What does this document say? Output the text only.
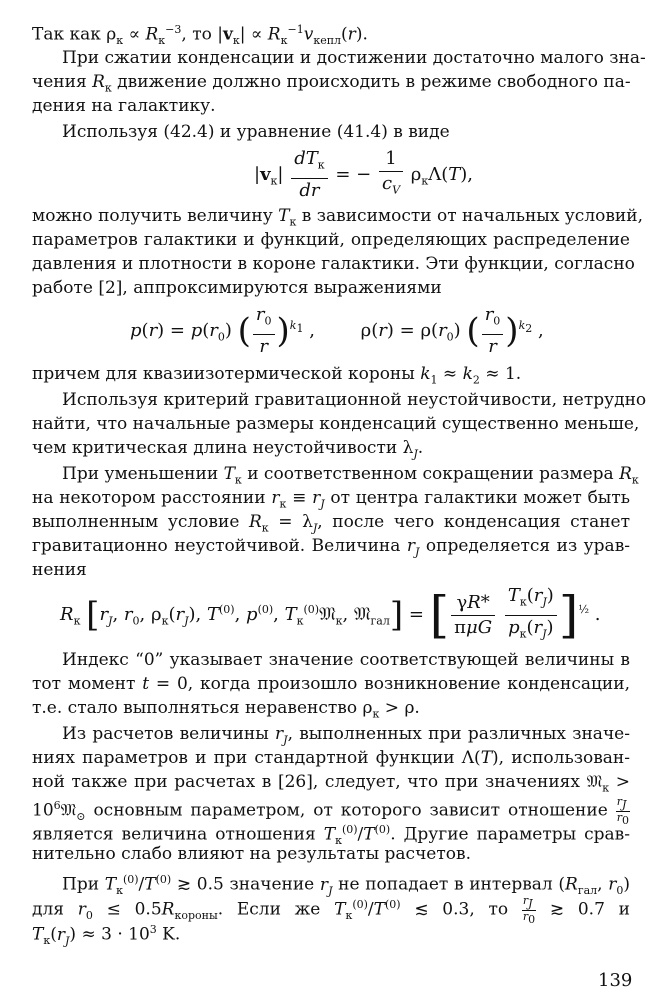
Так как $\rho_к \propto R_к^{-3}$, то $|v_к| \propto R_к^{-1}v_{кепл}(r)$.
При сжатии конденсации и достижении достаточно малого зна-
чения $R_к$ движение должно происходить в режиме свободного па-
дения на галактику.
Используя (42.4) и уравнение (41.4) в виде
$|v_к| \frac{dT_к}{dr}$ = − $\frac{1}{c_V} \rho_к\Lambda(T)$,
можно получить величину $T_к$ в зависимости от начальных условий,
параметров галактики и функций, определяющих распределение
давления и плотности в короне галактики. Эти функции, согласно
работе [2], аппроксимируются выражениями
$p(r) = p(r_0)$ ( $\frac{r_0}{r} )^{k_1}$ ,        $\rho(r) = \rho(r_0)$ ( $\frac{r_0}{r} )^{k_2}$ ,
причем для квазиизотермической короны $k_1 \approx k_2 \approx 1$.
Используя критерий гравитационной неустойчивости, нетрудно
найти, что начальные размеры конденсаций существенно меньше,
чем критическая длина неустойчивости $\lambda_J$.
При уменьшении $T_к$ и соответственном сокращении размера $R_к$
на некотором расстоянии $r_к \equiv r_J$ от центра галактики может быть
выполненным условие $R_к = \lambda_J$, после чего конденсация станет
гравитационно неустойчивой. Величина $r_J$ определяется из урав-
нения
$R_к$ [$r_J$, $r_0$, $\rho_к(r_J)$, $T^{(0)}$, $p^{(0)}$, $T_к^{(0)}𝔐_к$, 𝔐$_{гал}$] = [ $\frac{\gamma R*}{\text{πμG}}$
$\frac{T_к(r_J)}{p_к(r_J)} ]^{\frac{1}{2}}$ .
Индекс “0” указывает значение соответствующей величины в
тот момент t = 0, когда произошло возникновение конденсации,
т.е. стало выполняться неравенство $\rho_к > \rho$.
Из расчетов величины $r_J$, выполненных при различных значе-
ниях параметров и при стандартной функции Λ(T), использован-
ной также при расчетах в [26], следует, что при значениях 𝔐$_к$ >
$10^6𝔐_⊙$ основным параметром, от которого зависит отношение $\frac{r_J}{r_0}$
является величина отношения $T_к^{(0)}/T^{(0)}$. Другие параметры срав-
нительно слабо влияют на результаты расчетов.
При $T_к^{(0)}/T^{(0)}$ ≳ 0.5 значение $r_J$ не попадает в интервал ($R_{гал}$, $r_0$)
для $r_0 \le 0.5R_{короны}$. Если же $T_к^{(0)}/T^{(0)}$ ≲ 0.3, то $\frac{r_J}{r_0}$ ≳ 0.7 и
$T_к(r_J) \approx 3 \cdot 10^3$ K.
139
